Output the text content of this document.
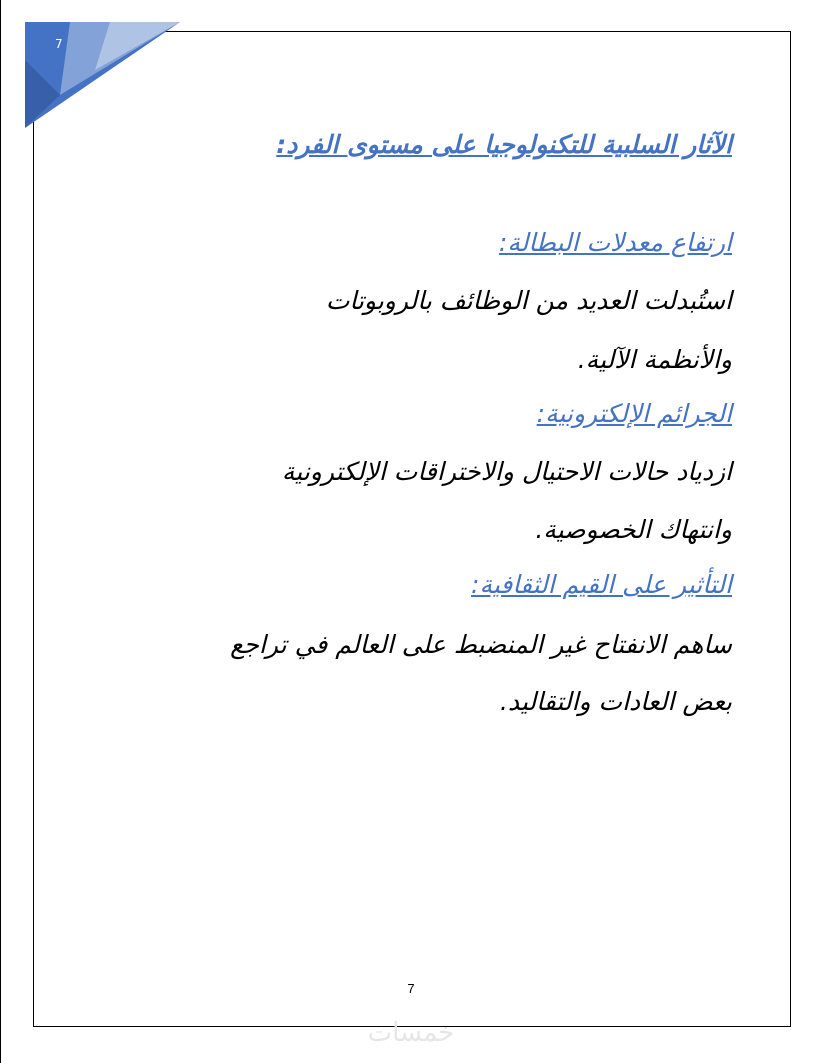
7
الآثار السلبية للتكنولوجيا على مستوى الفرد:
ارتفاع معدلات البطالة:
استُبدلت العديد من الوظائف بالروبوتات
والأنظمة الآلية.
الجرائم الإلكترونية:
ازدياد حالات الاحتيال والاختراقات الإلكترونية
وانتهاك الخصوصية.
التأثير على القيم الثقافية:
ساهم الانفتاح غير المنضبط على العالم في تراجع
بعض العادات والتقاليد.
7
خمسات
